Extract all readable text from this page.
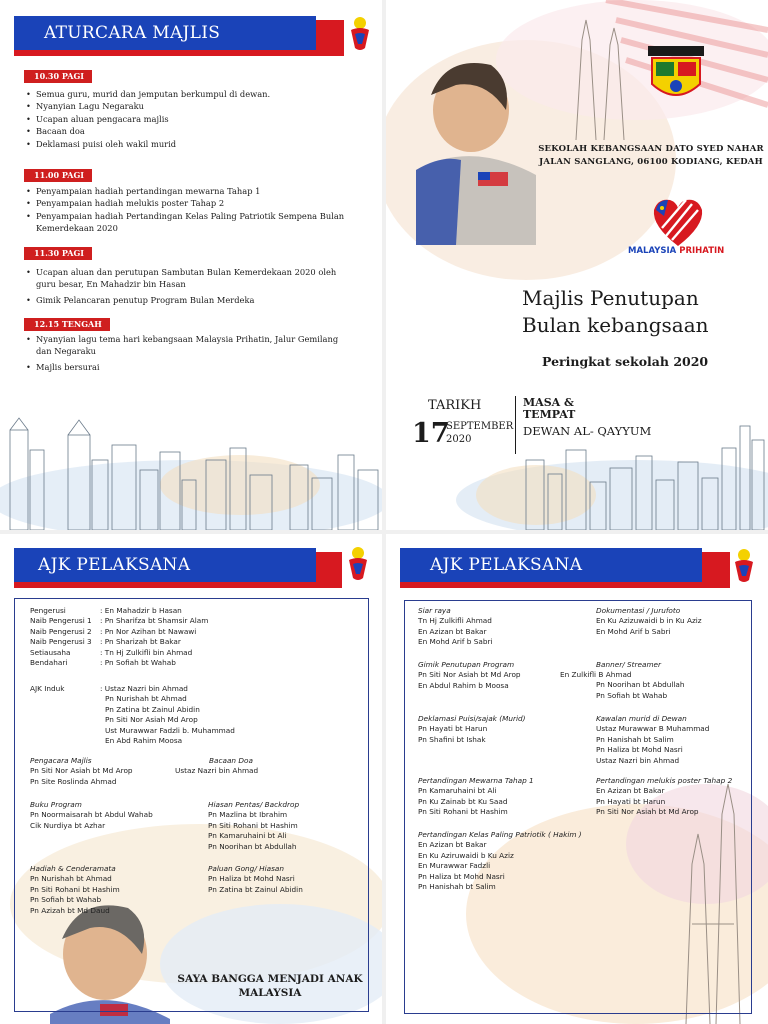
ATURCARA MAJLIS
10.30 PAGI
• Semua guru, murid dan jemputan berkumpul di dewan.
• Nyanyian Lagu Negaraku
• Ucapan aluan pengacara majlis
• Bacaan doa
• Deklamasi puisi oleh wakil murid
11.00 PAGI
• Penyampaian hadiah pertandingan mewarna Tahap 1
• Penyampaian hadiah melukis poster Tahap 2
• Penyampaian hadiah Pertandingan Kelas Paling Patriotik Sempena Bulan Kemerdekaan 2020
11.30 PAGI
• Ucapan aluan dan perutupan Sambutan Bulan Kemerdekaan 2020 oleh guru besar, En Mahadzir bin Hasan
• Gimik Pelancaran penutup Program Bulan Merdeka
12.15 TENGAH
• Nyanyian lagu tema hari kebangsaan Malaysia Prihatin, Jalur Gemilang dan Negaraku
• Majlis bersurai
SEKOLAH KEBANGSAAN DATO SYED NAHAR
JALAN SANGLANG, 06100 KODIANG, KEDAH
MALAYSIA PRIHATIN
Majlis Penutupan
Bulan kebangsaan
Peringkat sekolah 2020
TARIKH
17
SEPTEMBER
2020
MASA &
TEMPAT
DEWAN AL- QAYYUM
AJK PELAKSANA
Pengerusi
Naib Pengerusi 1
Naib Pengerusi 2
Naib Pengerusi 3
Setiausaha
Bendahari
: En Mahadzir b Hasan
: Pn Sharifza bt Shamsir Alam
: Pn Nor Azihan bt Nawawi
: Pn Sharizah bt Bakar
: Tn Hj Zulkifli bin Ahmad
: Pn Sofiah bt Wahab
AJK Induk	: Ustaz Nazri bin Ahmad
Pn Nurishah bt Ahmad
Pn Zatina bt Zainul Abidin
Pn Siti Nor Asiah Md Arop
Ust Murawwar Fadzli b. Muhammad
En Abd Rahim Moosa
Pengacara Majlis
Pn Siti Nor Asiah bt Md Arop
Pn Site Roslinda Ahmad
Bacaan Doa
Ustaz Nazri bin Ahmad
Buku Program
Pn Noormaisarah bt Abdul Wahab
Cik Nurdiya bt Azhar
Hiasan Pentas/ Backdrop
Pn Mazlina bt Ibrahim
Pn Siti Rohani bt Hashim
Pn Kamaruhaini bt Ali
Pn Noorihan bt Abdullah
Hadiah & Cenderamata
Pn Nurishah bt Ahmad
Pn Siti Rohani bt Hashim
Pn Sofiah bt Wahab
Pn Azizah bt Md Daud
Paluan Gong/ Hiasan
Pn Haliza bt Mohd Nasri
Pn Zatina bt Zainul Abidin
SAYA BANGGA MENJADI ANAK
MALAYSIA
AJK PELAKSANA
Siar raya
Tn Hj Zulkifli Ahmad
En Azizan bt Bakar
En Mohd Arif b Sabri
Dokumentasi / Jurufoto
En Ku Azizuwaidi b in Ku Aziz
En Mohd Arif b Sabri
Gimik Penutupan Program
Pn Siti Nor Asiah bt Md Arop
En Abdul Rahim b Moosa
En Zulkifli B Ahmad
Banner/ Streamer
Pn Noorihan bt Abdullah
Pn Sofiah bt Wahab
Deklamasi Puisi/sajak (Murid)
Pn Hayati bt Harun
Pn Shafini bt Ishak
Kawalan murid di Dewan
Ustaz Murawwar B Muhammad
Pn Hanishah bt Salim
Pn Haliza bt Mohd Nasri
Ustaz Nazri bin Ahmad
Pertandingan Mewarna Tahap 1
Pn Kamaruhaini bt Ali
Pn Ku Zainab bt Ku Saad
Pn Siti Rohani bt Hashim
Pertandingan melukis poster Tahap 2
En Azizan bt Bakar
Pn Hayati bt Harun
Pn Siti Nor Asiah bt Md Arop
Pertandingan Kelas Paling Patriotik ( Hakim )
En Azizan bt Bakar
En Ku Aziruwaidi b Ku Aziz
En Murawwar Fadzli
Pn Haliza bt Mohd Nasri
Pn Hanishah bt Salim
